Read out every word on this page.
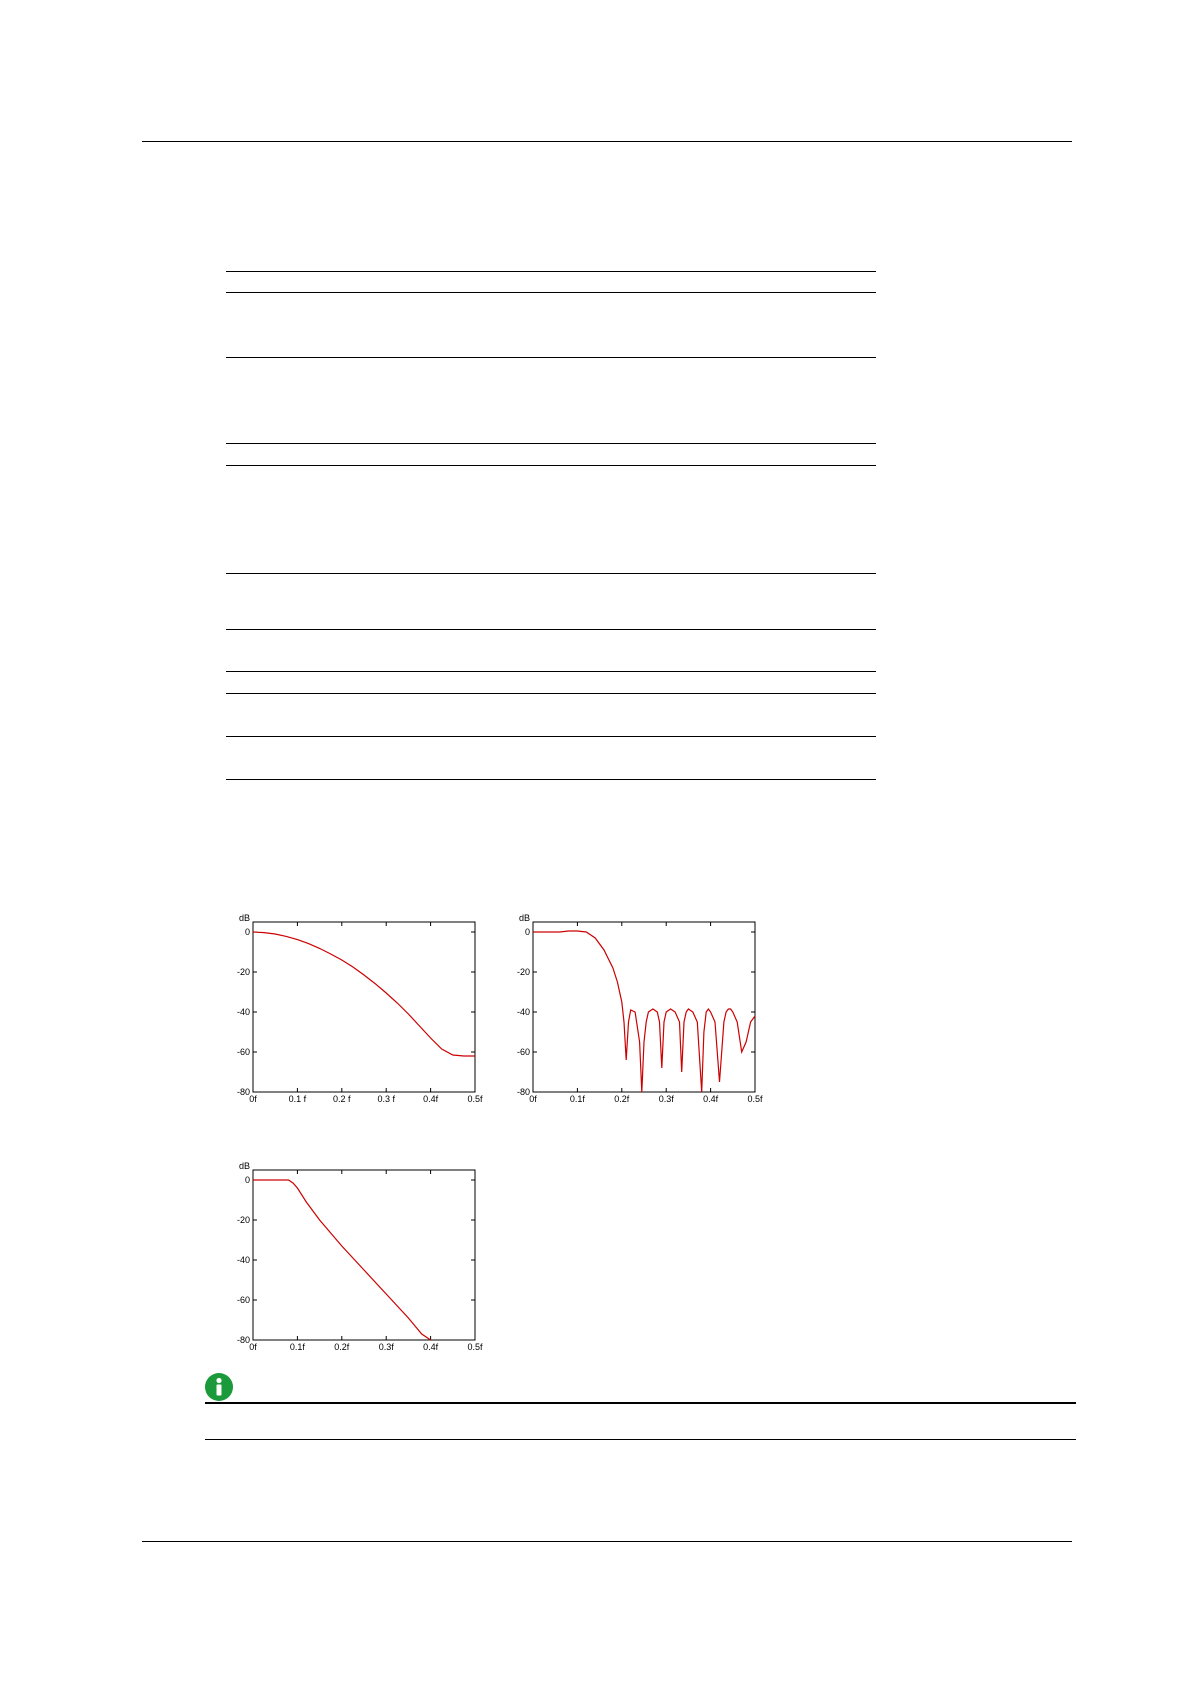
0
-20
-40
-60
-80
dB
0f	0.1 f	0.2 f	0.3 f	0.4f	0.5f
0
-20
-40
-60
-80
dB
0f	0.1f	0.2f	0.3f	0.4f	0.5f
0
-20
-40
-60
-80
dB
0f	0.1f	0.2f	0.3f	0.4f	0.5f
